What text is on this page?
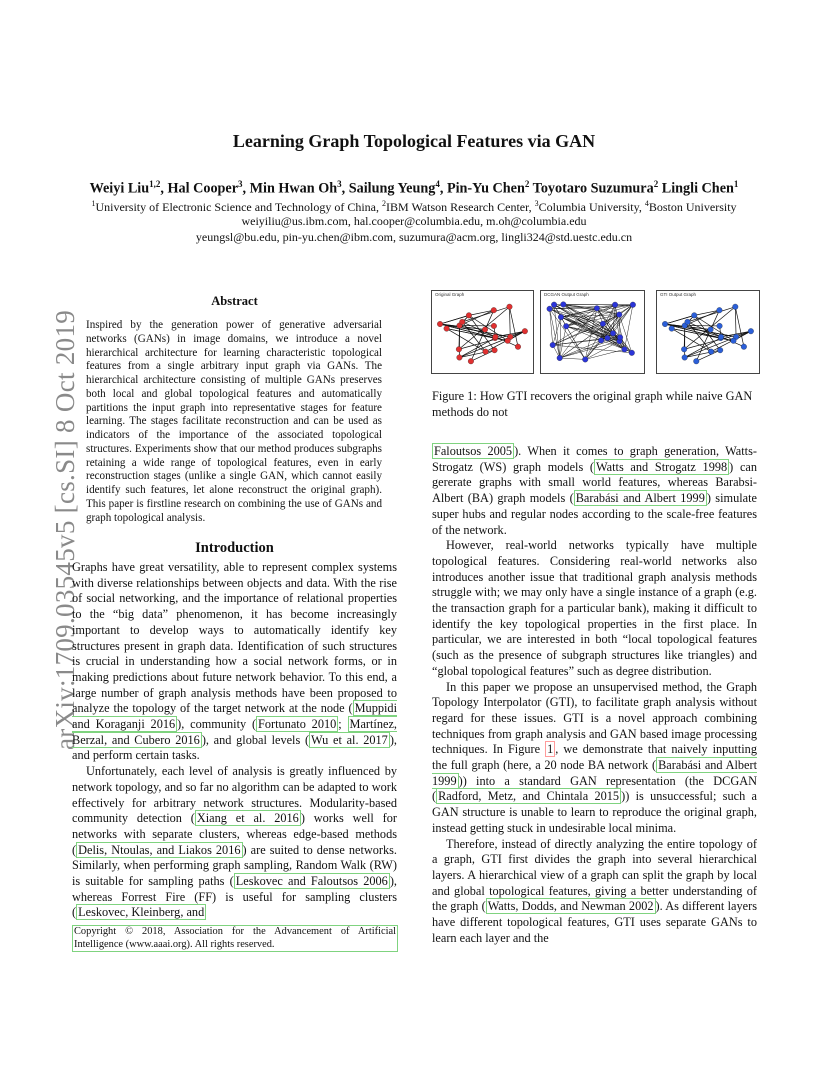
Learning Graph Topological Features via GAN
Weiyi Liu$^{1,2}$, Hal Cooper$^3$, Min Hwan Oh$^3$, Sailung Yeung$^4$, Pin-Yu Chen$^2$ Toyotaro Suzumura$^2$ Lingli Chen$^1$
$^1$University of Electronic Science and Technology of China, $^2$IBM Watson Research Center, $^3$Columbia University, $^4$Boston University
weiyiliu@us.ibm.com, hal.cooper@columbia.edu, m.oh@columbia.edu
yeungsl@bu.edu, pin-yu.chen@ibm.com, suzumura@acm.org, lingli324@std.uestc.edu.cn
arXiv:1709.03545v5 [cs.SI] 8 Oct 2019
Abstract
Inspired by the generation power of generative adversarial networks (GANs) in image domains, we introduce a novel hierarchical architecture for learning characteristic topological features from a single arbitrary input graph via GANs. The hierarchical architecture consisting of multiple GANs preserves both local and global topological features and automatically partitions the input graph into representative stages for feature learning. The stages facilitate reconstruction and can be used as indicators of the importance of the associated topological structures. Experiments show that our method produces subgraphs retaining a wide range of topological features, even in early reconstruction stages (unlike a single GAN, which cannot easily identify such features, let alone reconstruct the original graph). This paper is firstline research on combining the use of GANs and graph topological analysis.
Introduction

Graphs have great versatility, able to represent complex systems with diverse relationships between objects and data. With the rise of social networking, and the importance of relational properties to the “big data” phenomenon, it has become increasingly important to develop ways to automatically identify key structures present in graph data. Identification of such structures is crucial in understanding how a social network forms, or in making predictions about future network behavior. To this end, a large number of graph analysis methods have been proposed to analyze the topology of the target network at the node ( Muppidi and Koraganji 2016 ), community ( Fortunato 2010 ; Martínez, Berzal, and Cubero 2016 ), and global levels ( Wu et al. 2017 ), and perform certain tasks.

Unfortunately, each level of analysis is greatly influenced by network topology, and so far no algorithm can be adapted to work effectively for arbitrary network structures. Modularity-based community detection ( Xiang et al. 2016 ) works well for networks with separate clusters, whereas edge-based methods ( Delis, Ntoulas, and Liakos 2016 ) are suited to dense networks. Similarly, when performing graph sampling, Random Walk (RW) is suitable for sampling paths ( Leskovec and Faloutsos 2006 ), whereas Forrest Fire (FF) is useful for sampling clusters ( Leskovec, Kleinberg, and

Copyright © 2018, Association for the Advancement of Artificial Intelligence (www.aaai.org). All rights reserved.
Original Graph	DCGAN Output Graph	GTI Output Graph
Figure 1: How GTI recovers the original graph while naive GAN methods do not

Faloutsos 2005 ). When it comes to graph generation, Watts-Strogatz (WS) graph models ( Watts and Strogatz 1998 ) can gererate graphs with small world features, whereas Barabsi-Albert (BA) graph models ( Barabási and Albert 1999 ) simulate super hubs and regular nodes according to the scale-free features of the network.

However, real-world networks typically have multiple topological features. Considering real-world networks also introduces another issue that traditional graph analysis methods struggle with; we may only have a single instance of a graph (e.g. the transaction graph for a particular bank), making it difficult to identify the key topological properties in the first place. In particular, we are interested in both “local topological features (such as the presence of subgraph structures like triangles) and “global topological features” such as degree distribution.

In this paper we propose an unsupervised method, the Graph Topology Interpolator (GTI), to facilitate graph analysis without regard for these issues. GTI is a novel approach combining techniques from graph analysis and GAN based image processing techniques. In Figure 1 , we demonstrate that naively inputting the full graph (here, a 20 node BA network ( Barabási and Albert 1999 )) into a standard GAN representation (the DCGAN ( Radford, Metz, and Chintala 2015 )) is unsuccessful; such a GAN structure is unable to learn to reproduce the original graph, instead getting stuck in undesirable local minima.

Therefore, instead of directly analyzing the entire topology of a graph, GTI first divides the graph into several hierarchical layers. A hierarchical view of a graph can split the graph by local and global topological features, giving a better understanding of the graph ( Watts, Dodds, and Newman 2002 ). As different layers have different topological features, GTI uses separate GANs to learn each layer and the
